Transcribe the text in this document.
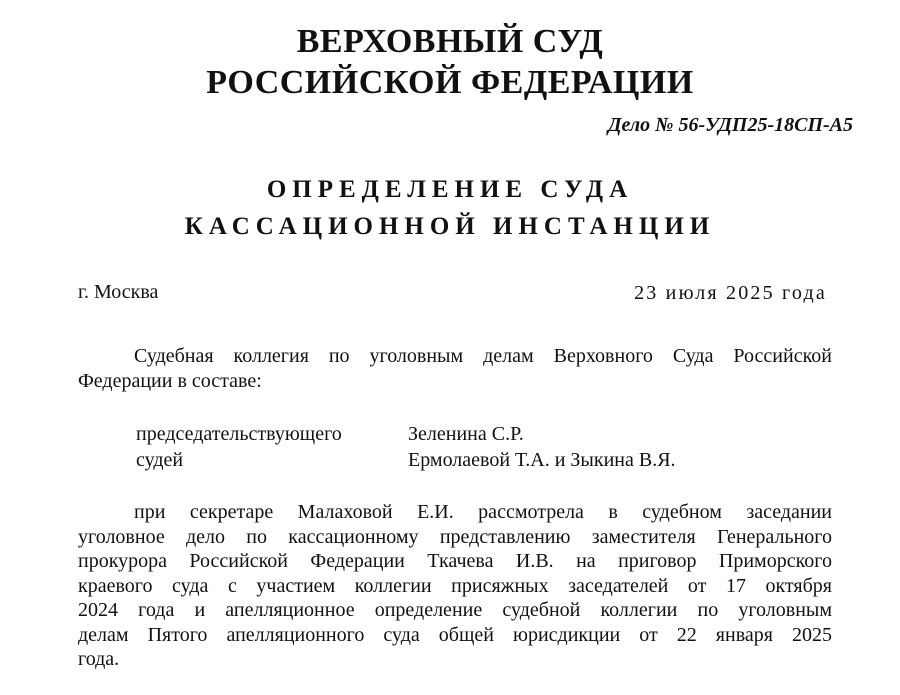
ВЕРХОВНЫЙ СУД
РОССИЙСКОЙ ФЕДЕРАЦИИ
Дело № 56-УДП25-18СП-А5
ОПРЕДЕЛЕНИЕ СУДА
КАССАЦИОННОЙ ИНСТАНЦИИ
г. Москва	23 июля 2025 года
Судебная коллегия по уголовным делам Верховного Суда Российской
Федерации в составе:
председательствующего	Зеленина С.Р.
судей	Ермолаевой Т.А. и Зыкина В.Я.
при секретаре Малаховой Е.И. рассмотрела в судебном заседании
уголовное дело по кассационному представлению заместителя Генерального
прокурора Российской Федерации Ткачева И.В. на приговор Приморского
краевого суда с участием коллегии присяжных заседателей от 17 октября
2024 года и апелляционное определение судебной коллегии по уголовным
делам Пятого апелляционного суда общей юрисдикции от 22 января 2025
года.
